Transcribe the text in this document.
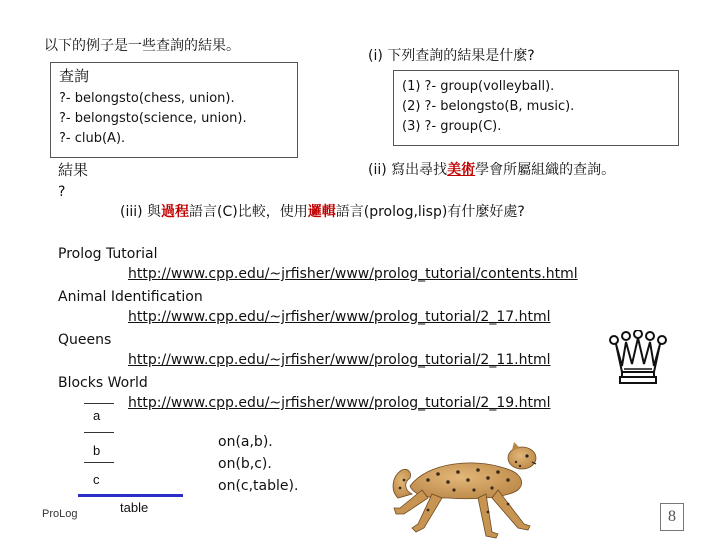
以下的例子是一些查詢的結果。
查詢
?- belongsto(chess, union).
?- belongsto(science, union).
?- club(A).
結果
?
(i) 下列查詢的結果是什麼?
(1) ?- group(volleyball).
(2) ?- belongsto(B, music).
(3) ?- group(C).
(ii) 寫出尋找美術學會所屬組織的查詢。
(iii) 與過程語言(C)比較，使用邏輯語言(prolog,lisp)有什麼好處?
Prolog Tutorial
http://www.cpp.edu/~jrfisher/www/prolog_tutorial/contents.html
Animal Identification
http://www.cpp.edu/~jrfisher/www/prolog_tutorial/2_17.html
Queens
http://www.cpp.edu/~jrfisher/www/prolog_tutorial/2_11.html
Blocks World
http://www.cpp.edu/~jrfisher/www/prolog_tutorial/2_19.html
a
b
c
table
on(a,b).
on(b,c).
on(c,table).
ProLog	8
